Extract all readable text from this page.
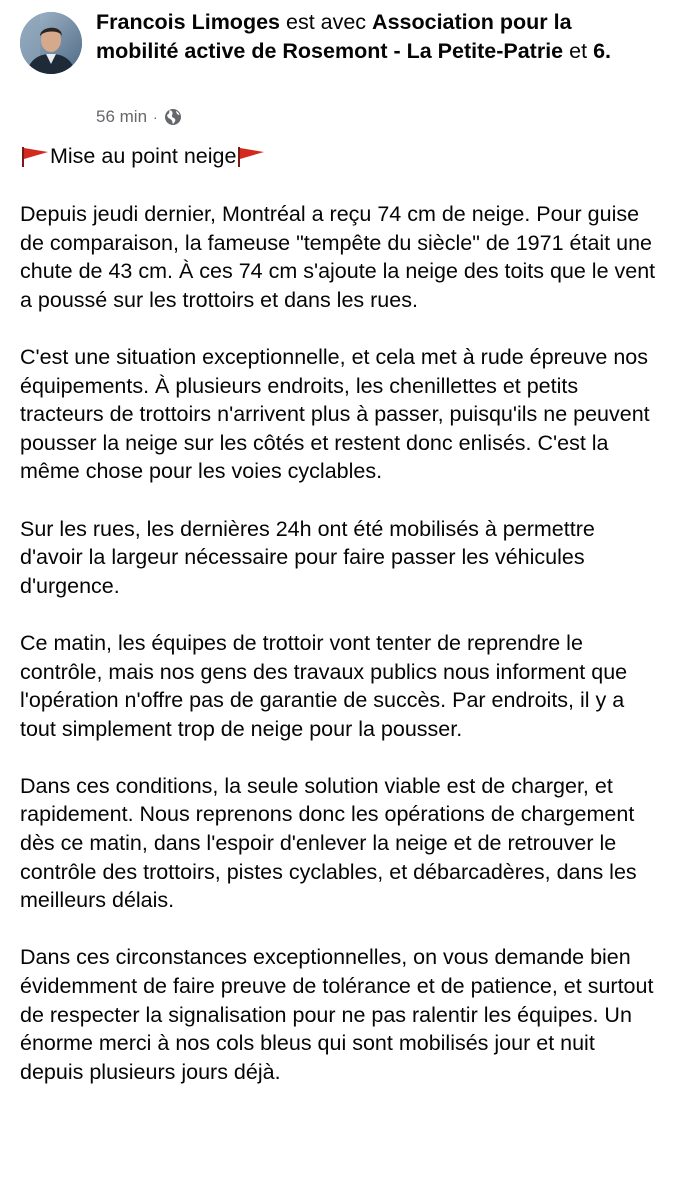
Francois Limoges est avec Association pour la mobilité active de Rosemont - La Petite-Patrie et 6.
56 min ·
Mise au point neige

Depuis jeudi dernier, Montréal a reçu 74 cm de neige. Pour guise de comparaison, la fameuse "tempête du siècle" de 1971 était une chute de 43 cm. À ces 74 cm s'ajoute la neige des toits que le vent a poussé sur les trottoirs et dans les rues.

C'est une situation exceptionnelle, et cela met à rude épreuve nos équipements. À plusieurs endroits, les chenillettes et petits tracteurs de trottoirs n'arrivent plus à passer, puisqu'ils ne peuvent pousser la neige sur les côtés et restent donc enlisés. C'est la même chose pour les voies cyclables.

Sur les rues, les dernières 24h ont été mobilisés à permettre d'avoir la largeur nécessaire pour faire passer les véhicules d'urgence.

Ce matin, les équipes de trottoir vont tenter de reprendre le contrôle, mais nos gens des travaux publics nous informent que l'opération n'offre pas de garantie de succès. Par endroits, il y a tout simplement trop de neige pour la pousser.

Dans ces conditions, la seule solution viable est de charger, et rapidement. Nous reprenons donc les opérations de chargement dès ce matin, dans l'espoir d'enlever la neige et de retrouver le contrôle des trottoirs, pistes cyclables, et débarcadères, dans les meilleurs délais.

Dans ces circonstances exceptionnelles, on vous demande bien évidemment de faire preuve de tolérance et de patience, et surtout de respecter la signalisation pour ne pas ralentir les équipes. Un énorme merci à nos cols bleus qui sont mobilisés jour et nuit depuis plusieurs jours déjà.
